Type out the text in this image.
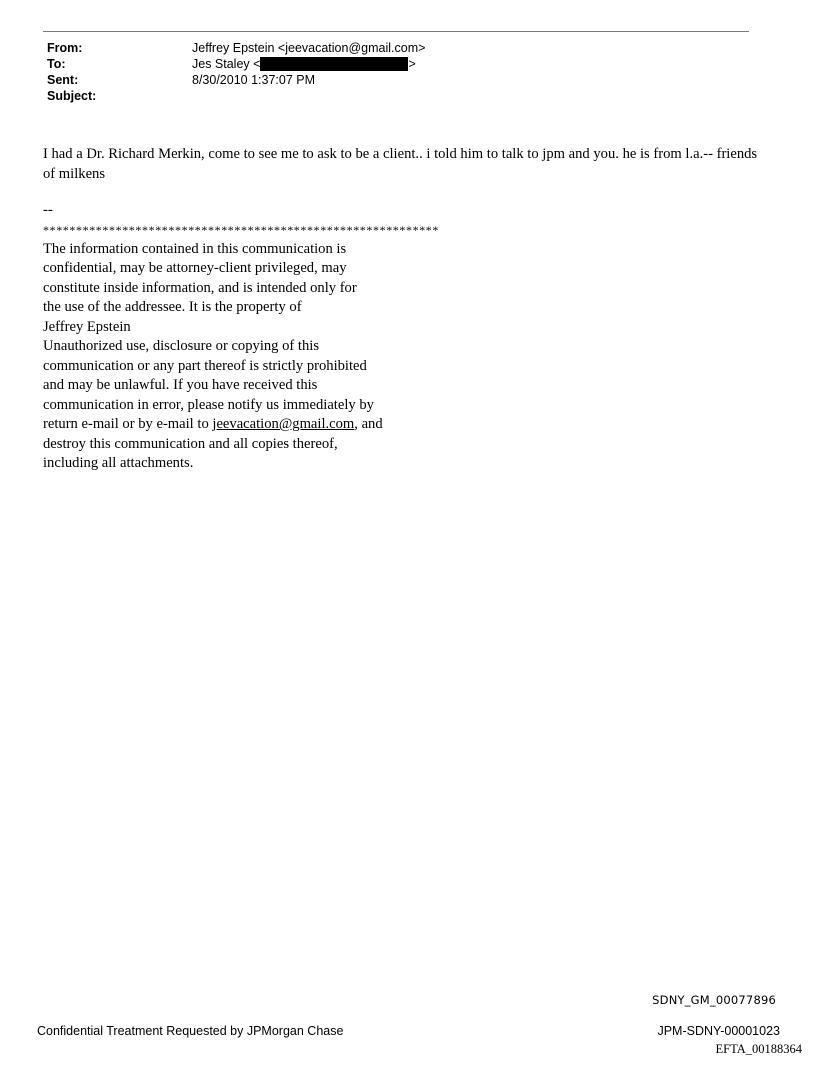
From:	Jeffrey Epstein <jeevacation@gmail.com>
To:	Jes Staley <	>
Sent:	8/30/2010 1:37:07 PM
Subject:
I had a Dr. Richard Merkin, come to see me to ask to be a client.. i told him to talk to jpm and you. he is from l.a.-- friends of milkens
--
************************************************************
The information contained in this communication is
confidential, may be attorney-client privileged, may
constitute inside information, and is intended only for
the use of the addressee. It is the property of
Jeffrey Epstein
Unauthorized use, disclosure or copying of this
communication or any part thereof is strictly prohibited
and may be unlawful. If you have received this
communication in error, please notify us immediately by
return e-mail or by e-mail to jeevacation@gmail.com, and
destroy this communication and all copies thereof,
including all attachments.
SDNY_GM_00077896
Confidential Treatment Requested by JPMorgan Chase	JPM-SDNY-00001023
EFTA_00188364
